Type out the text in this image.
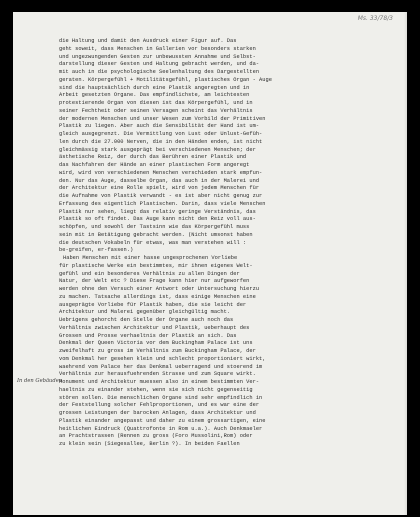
Ms. 33/78/3
In den Gebäuden
die Haltung und damit den Ausdruck einer Figur auf. Das
geht soweit, dass Menschen in Gallerien vor besonders starken
und ungezwungenden Gesten zur unbewussten Annahme und Selbst-
darstellung dieser Gesten und Haltung gebracht werden, und da-
mit auch in die psychologische Seelenhaltung des Dargestellten
geraten. Körpergefühl + Motilitätsgefühl, plastisches Organ - Auge
sind die hauptsächlich durch eine Plastik angeregten und in
Arbeit gesetzten Organe. Das empfindlichste, am leichtesten
protestierende Organ von diesen ist das Körpergefühl, und in
seiner Fechtheit oder seinen Versagen scheint das Verhältnis
der modernen Menschen und unser Wesen zum Vorbild der Primitiven
Plastik zu liegen. Aber auch die Sensibilität der Hand ist um-
gleich ausgegrenzt. Die Vermittlung von Lust oder Unlust-Gefüh-
len durch die 27.000 Nerven, die in den Händen enden, ist nicht
gleichmässig stark ausgeprägt bei verschiedenen Menschen; der
ästhetische Reiz, der durch das Berühren einer Plastik und
das Nachfahren der Hände an einer plastischen Form angeregt
wird, wird von verschiedenen Menschen verschieden stark empfun-
den. Nur das Auge, dasselbe Organ, das auch in der Malerei und
der Architektur eine Rolle spielt, wird von jedem Menschen für
die Aufnahme von Plastik verwandt - es ist aber nicht genug zur
Erfassung des eigentlich Plastischen. Darin, dass viele Menschen
Plastik nur sehen, liegt das relativ geringe Verständnis, das
Plastik so oft findet. Das Auge kann nicht den Reiz voll aus-
schöpfen, und sowohl der Tastsinn wie das Körpergefühl muss
sein mit in Betätigung gebracht werden. (Nicht umsonst haben
die deutschen Vokabeln für etwas, was man verstehen will :
be-greifen, er-fassen.)
Haben Menschen mit einer hasse ungesprochenen Vorliebe
für plastische Werke ein bestimmtes, mir ihnen eigenes Welt-
gefühl und ein besonderes Verhältnis zu allen Dingen der
Natur, der Welt etc ? Diese Frage kann hier nur aufgeworfen
werden ohne den Versuch einer Antwort oder Untersuchung hierzu
zu machen. Tatsache allerdings ist, dass einige Menschen eine
ausgeprägte Vorliebe für Plastik haben, die sie leicht der
Architektur und Malerei gegenüber gleichgültig macht.
Uebrigens gehorcht den Stelle der Organe auch noch das
Verhältnis zwischen Architektur und Plastik, ueberhaupt des
Grossen und Prosse verhaeltnis der Plastik an sich. Das
Denkmal der Queen Victoria vor dem Buckingham Palace ist uns
zweifelhaft zu gross im Verhältnis zum Buckingham Palace, der
vom Denkmal her gesehen klein und schlecht proportioniert wirkt,
waehrend vom Palace her das Denkmal ueberragend und stoerend im
Verhältnis zur herausfuehrenden Strasse und zum Square wirkt.
Monument und Architektur muessen also in einem bestimmten Ver-
haeltnis zu einander stehen, wenn sie sich nicht gegenseitig
stören sollen. Die menschlichen Organe sind sehr empfindlich in
der Feststellung solcher Fehlproportionen, und es war eine der
grossen Leistungen der barocken Anlagen, dass Architektur und
Plastik einander angepasst und daher zu einem grossartigen, eine
heitlichen Eindruck (Quattrofonte in Rom u.a.). Auch Denkmaeler
an Prachtstrassen (Rennen zu gross (Foro Mussolini,Rom) oder
zu klein sein (Siegesallee, Berlin ?). In beiden Faellen
